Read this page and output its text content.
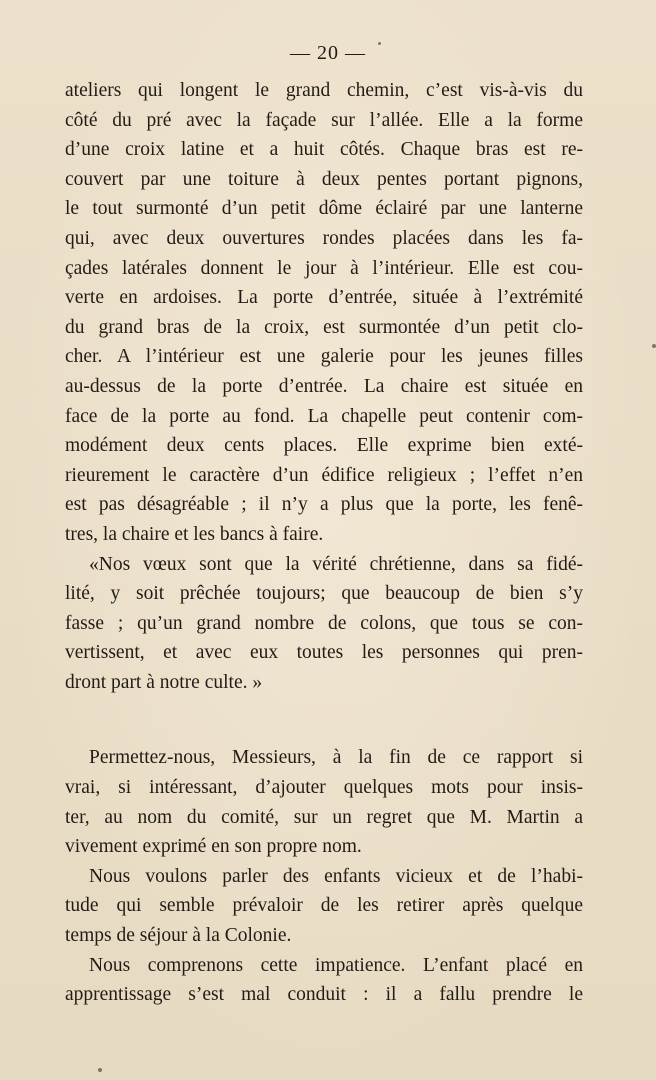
— 20 —
ateliers qui longent le grand chemin, c’est vis-à-vis du
côté du pré avec la façade sur l’allée. Elle a la forme
d’une croix latine et a huit côtés. Chaque bras est re-
couvert par une toiture à deux pentes portant pignons,
le tout surmonté d’un petit dôme éclairé par une lanterne
qui, avec deux ouvertures rondes placées dans les fa-
çades latérales donnent le jour à l’intérieur. Elle est cou-
verte en ardoises. La porte d’entrée, située à l’extrémité
du grand bras de la croix, est surmontée d’un petit clo-
cher. A l’intérieur est une galerie pour les jeunes filles
au-dessus de la porte d’entrée. La chaire est située en
face de la porte au fond. La chapelle peut contenir com-
modément deux cents places. Elle exprime bien exté-
rieurement le caractère d’un édifice religieux ; l’effet n’en
est pas désagréable ; il n’y a plus que la porte, les fenê-
tres, la chaire et les bancs à faire.
«Nos vœux sont que la vérité chrétienne, dans sa fidé-
lité, y soit prêchée toujours; que beaucoup de bien s’y
fasse ; qu’un grand nombre de colons, que tous se con-
vertissent, et avec eux toutes les personnes qui pren-
dront part à notre culte. »
Permettez-nous, Messieurs, à la fin de ce rapport si
vrai, si intéressant, d’ajouter quelques mots pour insis-
ter, au nom du comité, sur un regret que M. Martin a
vivement exprimé en son propre nom.
Nous voulons parler des enfants vicieux et de l’habi-
tude qui semble prévaloir de les retirer après quelque
temps de séjour à la Colonie.
Nous comprenons cette impatience. L’enfant placé en
apprentissage s’est mal conduit : il a fallu prendre le
